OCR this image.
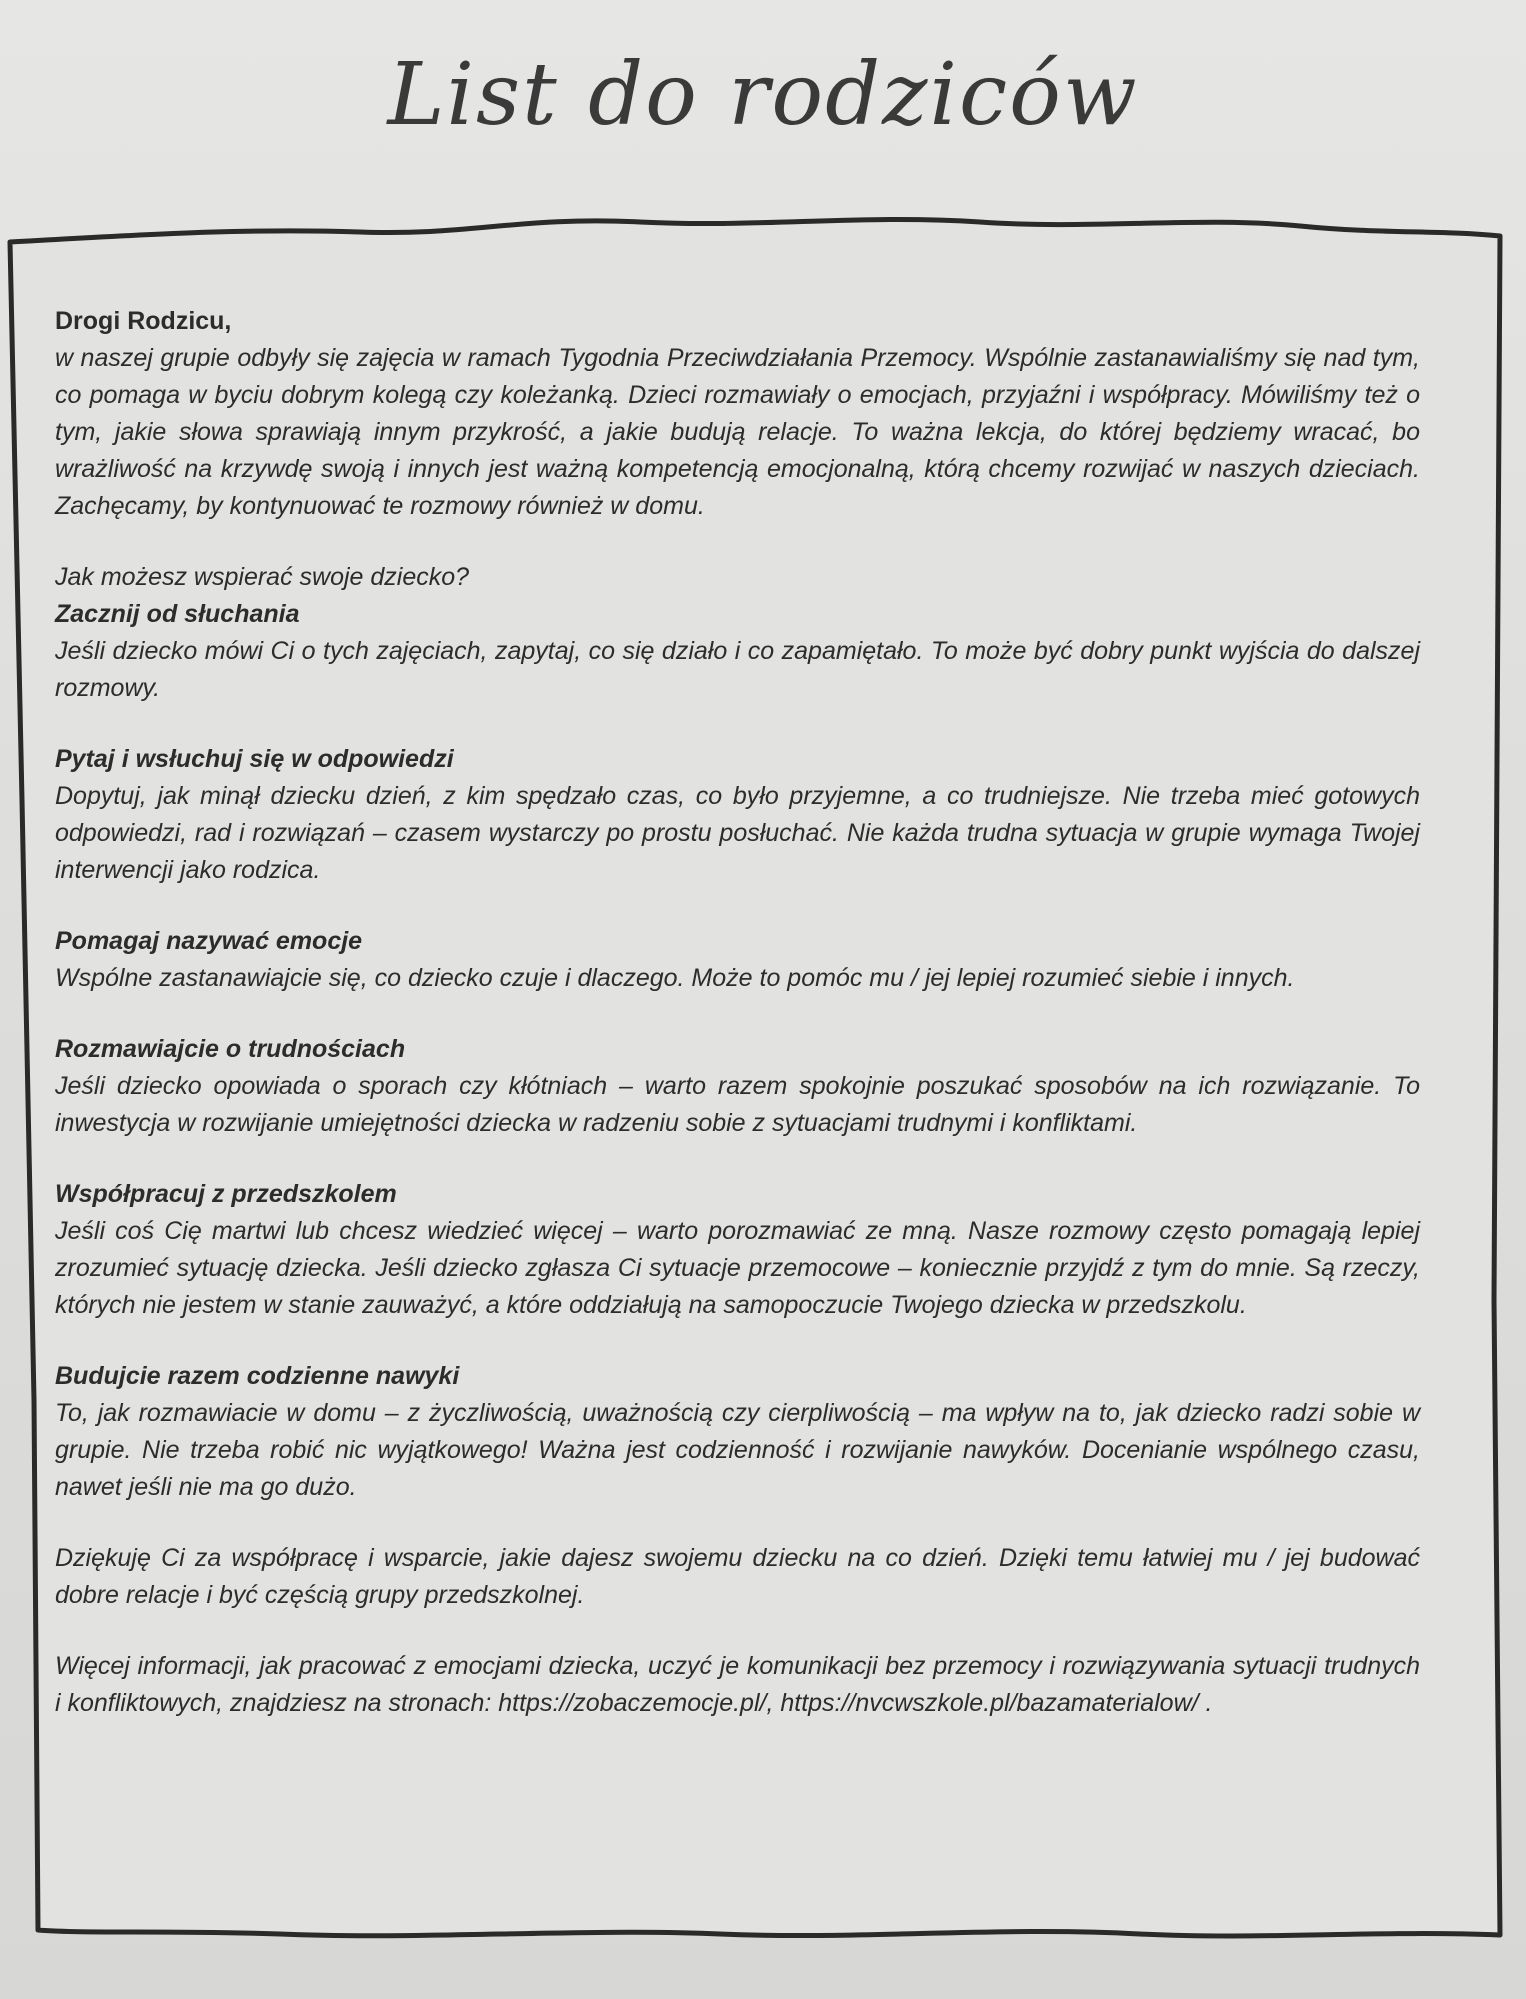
List do rodziców

Drogi Rodzicu,
w naszej grupie odbyły się zajęcia w ramach Tygodnia Przeciwdziałania Przemocy. Wspólnie zastanawialiśmy się nad tym, co pomaga w byciu dobrym kolegą czy koleżanką. Dzieci rozmawiały o emocjach, przyjaźni i współpracy. Mówiliśmy też o tym, jakie słowa sprawiają innym przykrość, a jakie budują relacje. To ważna lekcja, do której będziemy wracać, bo wrażliwość na krzywdę swoją i innych jest ważną kompetencją emocjonalną, którą chcemy rozwijać w naszych dzieciach. Zachęcamy, by kontynuować te rozmowy również w domu.

Jak możesz wspierać swoje dziecko?
Zacznij od słuchania
Jeśli dziecko mówi Ci o tych zajęciach, zapytaj, co się działo i co zapamiętało. To może być dobry punkt wyjścia do dalszej rozmowy.

Pytaj i wsłuchuj się w odpowiedzi
Dopytuj, jak minął dziecku dzień, z kim spędzało czas, co było przyjemne, a co trudniejsze. Nie trzeba mieć gotowych odpowiedzi, rad i rozwiązań – czasem wystarczy po prostu posłuchać. Nie każda trudna sytuacja w grupie wymaga Twojej interwencji jako rodzica.

Pomagaj nazywać emocje
Wspólne zastanawiajcie się, co dziecko czuje i dlaczego. Może to pomóc mu / jej lepiej rozumieć siebie i innych.

Rozmawiajcie o trudnościach
Jeśli dziecko opowiada o sporach czy kłótniach – warto razem spokojnie poszukać sposobów na ich rozwiązanie. To inwestycja w rozwijanie umiejętności dziecka w radzeniu sobie z sytuacjami trudnymi i konfliktami.

Współpracuj z przedszkolem
Jeśli coś Cię martwi lub chcesz wiedzieć więcej – warto porozmawiać ze mną. Nasze rozmowy często pomagają lepiej zrozumieć sytuację dziecka. Jeśli dziecko zgłasza Ci sytuacje przemocowe – koniecznie przyjdź z tym do mnie. Są rzeczy, których nie jestem w stanie zauważyć, a które oddziałują na samopoczucie Twojego dziecka w przedszkolu.

Budujcie razem codzienne nawyki
To, jak rozmawiacie w domu – z życzliwością, uważnością czy cierpliwością – ma wpływ na to, jak dziecko radzi sobie w grupie. Nie trzeba robić nic wyjątkowego! Ważna jest codzienność i rozwijanie nawyków. Docenianie wspólnego czasu, nawet jeśli nie ma go dużo.

Dziękuję Ci za współpracę i wsparcie, jakie dajesz swojemu dziecku na co dzień. Dzięki temu łatwiej mu / jej budować dobre relacje i być częścią grupy przedszkolnej.

Więcej informacji, jak pracować z emocjami dziecka, uczyć je komunikacji bez przemocy i rozwiązywania sytuacji trudnych i konfliktowych, znajdziesz na stronach: https://zobaczemocje.pl/, https://nvcwszkole.pl/bazamaterialow/ .
